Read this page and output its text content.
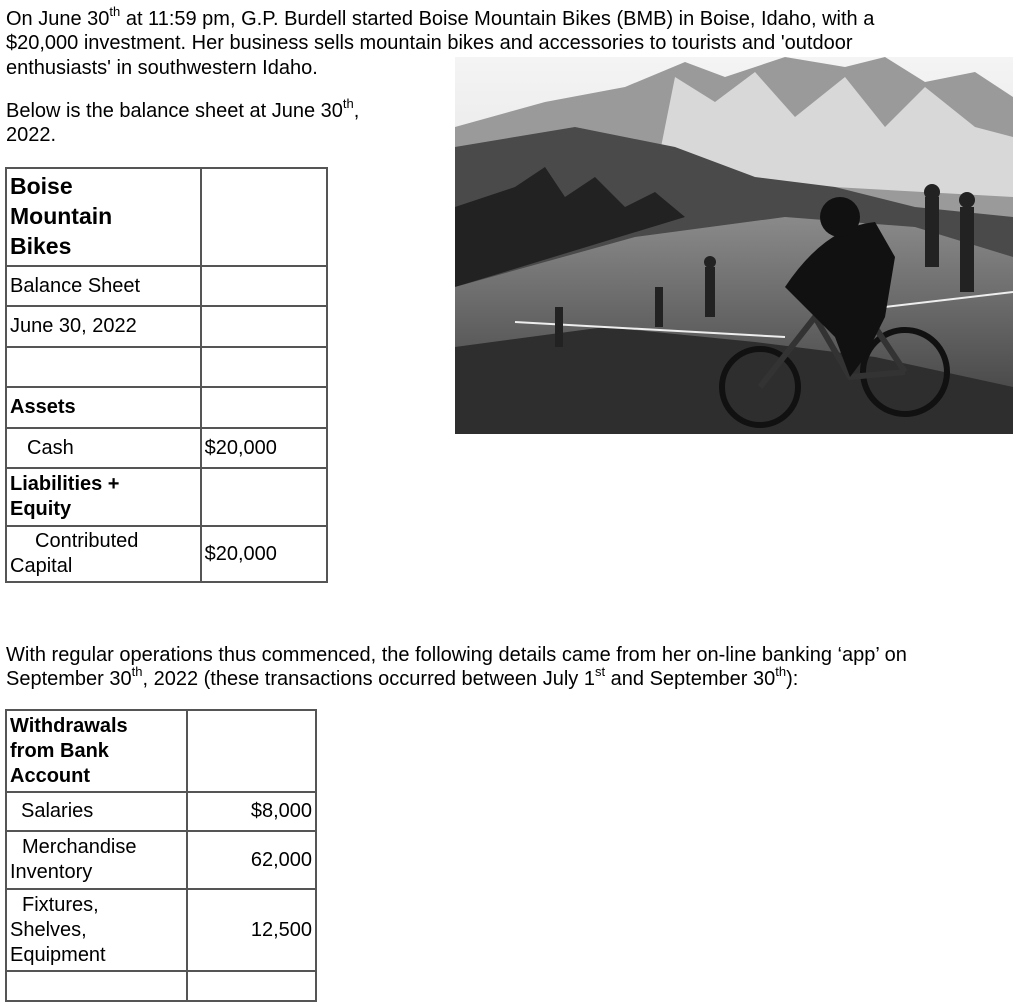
On June 30th at 11:59 pm, G.P. Burdell started Boise Mountain Bikes (BMB) in Boise, Idaho, with a
$20,000 investment. Her business sells mountain bikes and accessories to tourists and 'outdoor
enthusiasts' in southwestern Idaho.

Below is the balance sheet at June 30th,
2022.

Boise
Mountain
Bikes	
Balance Sheet	
June 30, 2022	

Assets	
Cash	$20,000
Liabilities +
Equity	
Contributed
Capital	$20,000

With regular operations thus commenced, the following details came from her on-line banking ‘app’ on
September 30th, 2022 (these transactions occurred between July 1st and September 30th):

Withdrawals
from Bank
Account	
Salaries	$8,000
Merchandise
Inventory	62,000
Fixtures,
Shelves,
Equipment	12,500
